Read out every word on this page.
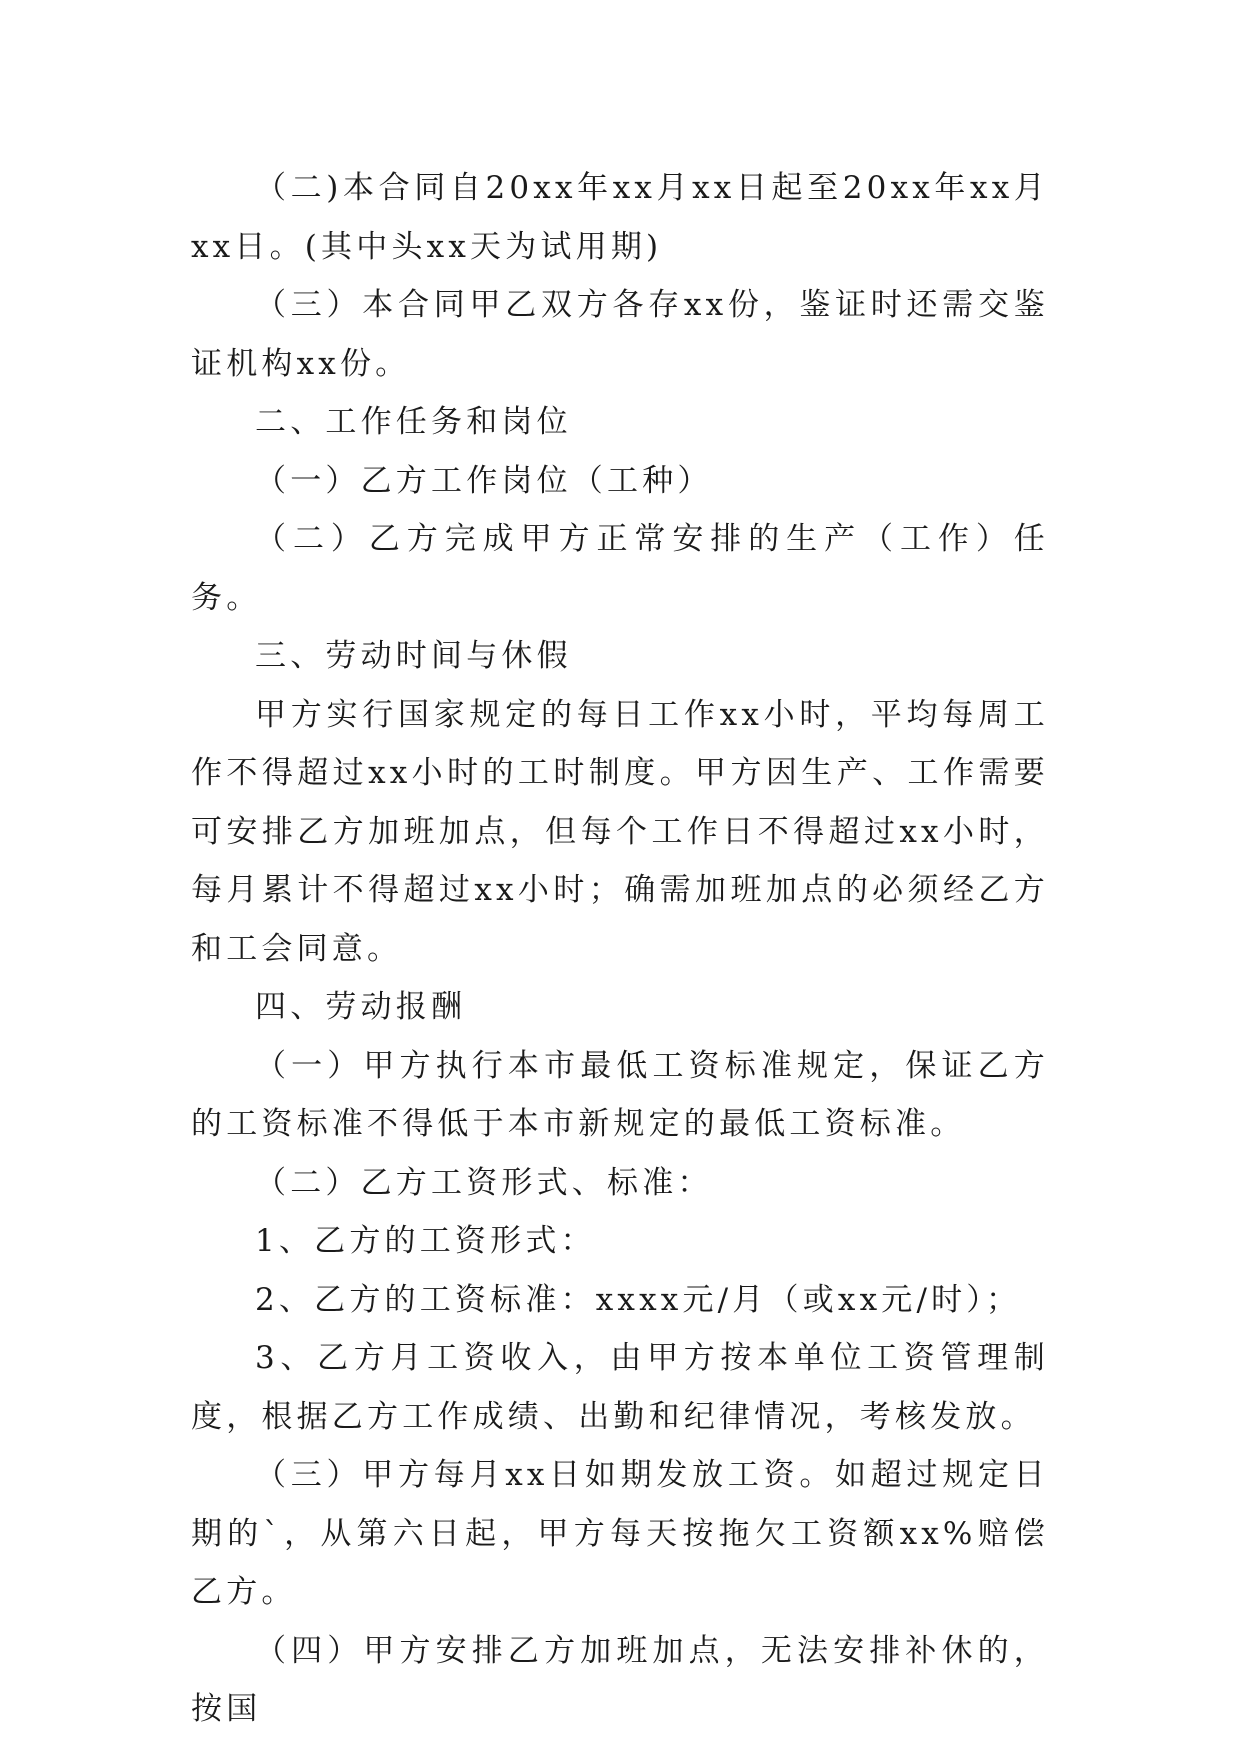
（二)本合同自20xx年xx月xx日起至20xx年xx月xx日。(其中头xx天为试用期)

（三）本合同甲乙双方各存xx份，鉴证时还需交鉴证机构xx份。

二、工作任务和岗位

（一）乙方工作岗位（工种）

（二）乙方完成甲方正常安排的生产（工作）任务。

三、劳动时间与休假

甲方实行国家规定的每日工作xx小时，平均每周工作不得超过xx小时的工时制度。甲方因生产、工作需要可安排乙方加班加点，但每个工作日不得超过xx小时，每月累计不得超过xx小时；确需加班加点的必须经乙方和工会同意。

四、劳动报酬

（一）甲方执行本市最低工资标准规定，保证乙方的工资标准不得低于本市新规定的最低工资标准。

（二）乙方工资形式、标准：

1、乙方的工资形式：

2、乙方的工资标准：xxxx元/月（或xx元/时）；

3、乙方月工资收入，由甲方按本单位工资管理制度，根据乙方工作成绩、出勤和纪律情况，考核发放。

（三）甲方每月xx日如期发放工资。如超过规定日期的`，从第六日起，甲方每天按拖欠工资额xx%赔偿乙方。

（四）甲方安排乙方加班加点，无法安排补休的，按国
